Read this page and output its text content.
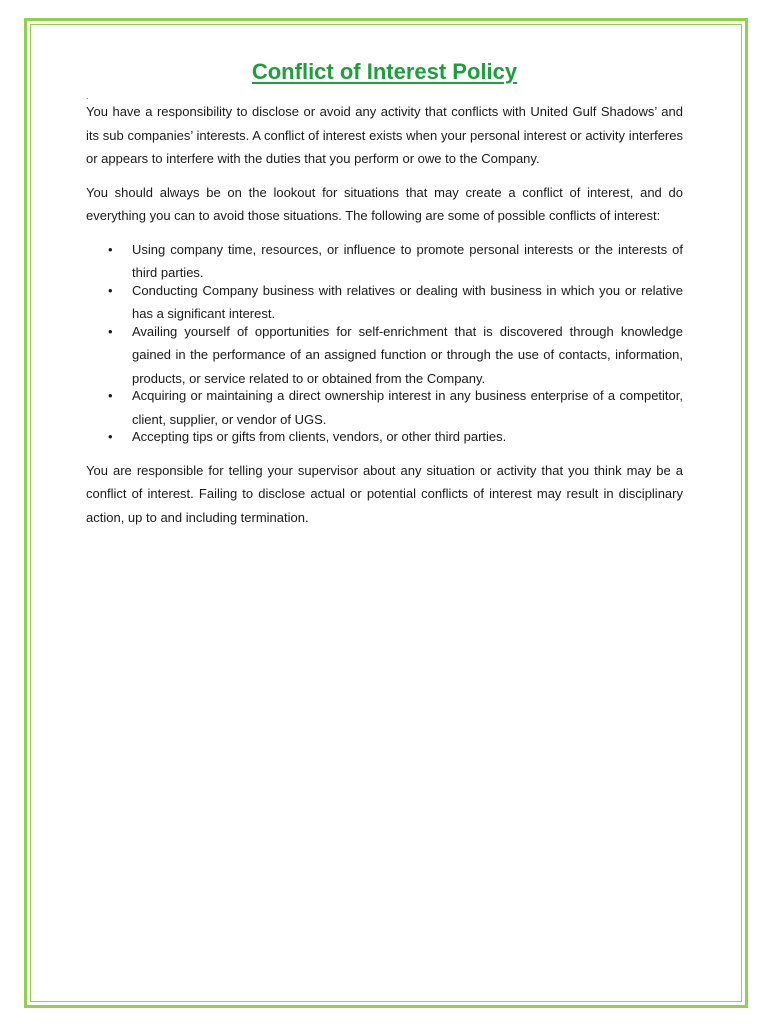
Conflict of Interest Policy
.

You have a responsibility to disclose or avoid any activity that conflicts with United Gulf Shadows’ and its sub companies’ interests. A conflict of interest exists when your personal interest or activity interferes or appears to interfere with the duties that you perform or owe to the Company.

You should always be on the lookout for situations that may create a conflict of interest, and do everything you can to avoid those situations. The following are some of possible conflicts of interest:

• Using company time, resources, or influence to promote personal interests or the interests of third parties.
• Conducting Company business with relatives or dealing with business in which you or relative has a significant interest.
• Availing yourself of opportunities for self-enrichment that is discovered through knowledge gained in the performance of an assigned function or through the use of contacts, information, products, or service related to or obtained from the Company.
• Acquiring or maintaining a direct ownership interest in any business enterprise of a competitor, client, supplier, or vendor of UGS.
• Accepting tips or gifts from clients, vendors, or other third parties.

You are responsible for telling your supervisor about any situation or activity that you think may be a conflict of interest. Failing to disclose actual or potential conflicts of interest may result in disciplinary action, up to and including termination.
